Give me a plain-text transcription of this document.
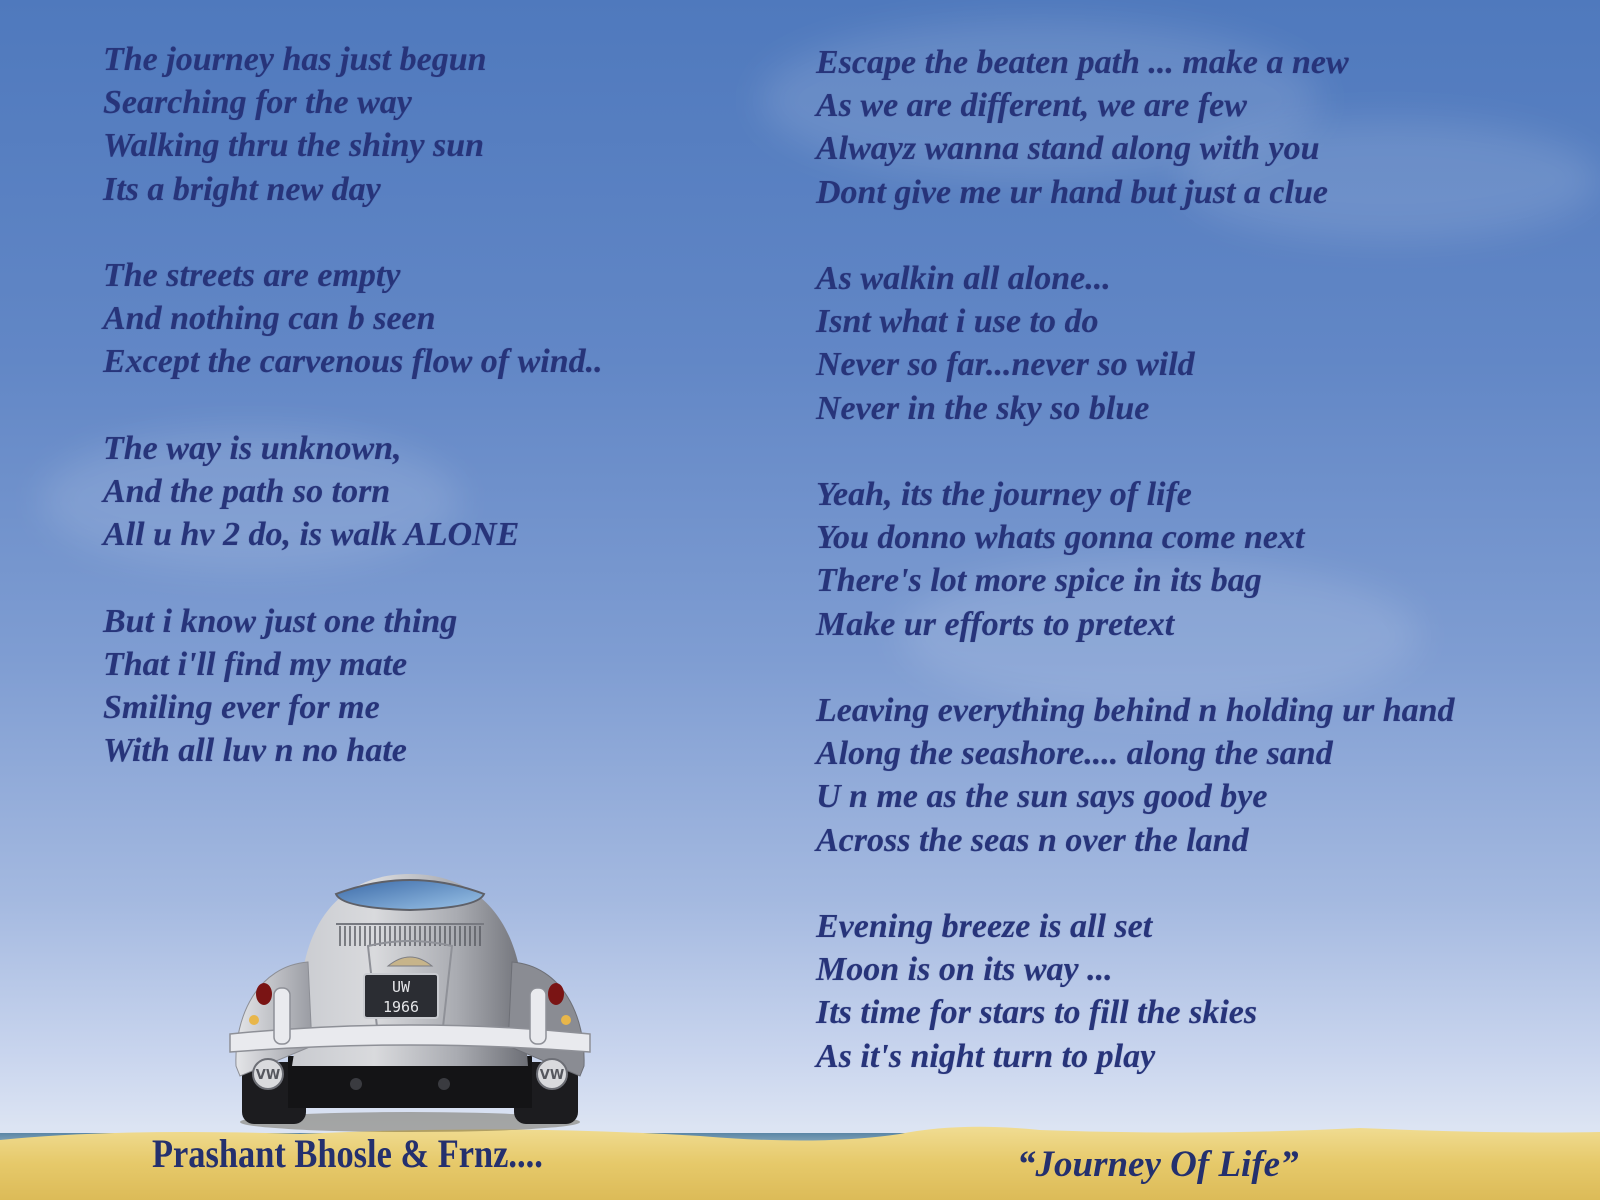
The journey has just begun
Searching for the way
Walking thru the shiny sun
Its a bright new day
The streets are empty
And nothing can b seen
Except the carvenous flow of wind..
The way is unknown,
And the path so torn
All u hv 2 do, is walk ALONE
But i know just one thing
That i'll find my mate
Smiling ever for me
With all luv n no hate
Escape the beaten path ... make a new
As we are different, we are few
Alwayz wanna stand along with you
Dont give me ur hand but just a clue
As walkin all alone...
Isnt what i use to do
Never so far...never so wild
Never in the sky so blue
Yeah, its the journey of life
You donno whats gonna come next
There's lot more spice in its bag
Make ur efforts to pretext
Leaving everything behind n holding ur hand
Along the seashore.... along the sand
U n me as the sun says good bye
Across the seas n over the land
Evening breeze is all set
Moon is on its way ...
Its time for stars to fill the skies
As it's night turn to play
UW
1966
VW	VW
Prashant Bhosle & Frnz....	“Journey Of Life”
